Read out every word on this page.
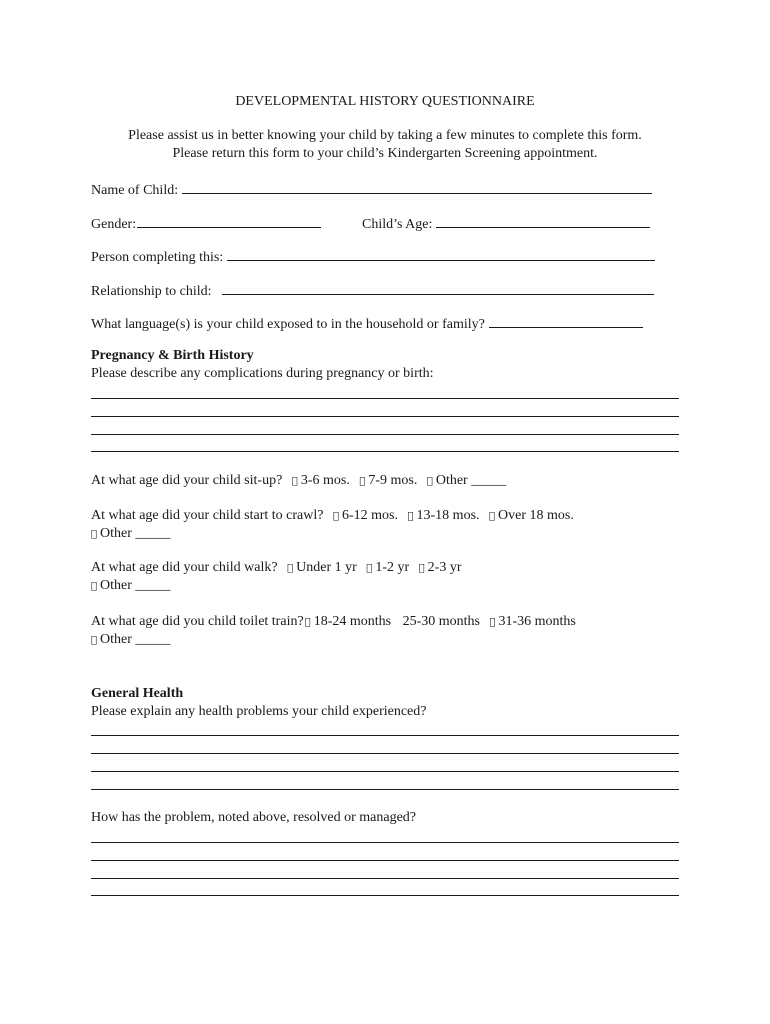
DEVELOPMENTAL HISTORY QUESTIONNAIRE
Please assist us in better knowing your child by taking a few minutes to complete this form.
Please return this form to your child’s Kindergarten Screening appointment.
Name of Child:
Gender:	Child’s Age:
Person completing this:
Relationship to child:
What language(s) is your child exposed to in the household or family?
Pregnancy & Birth History
Please describe any complications during pregnancy or birth:
At what age did your child sit-up? 3-6 mos. 7-9 mos. Other _____
At what age did your child start to crawl? 6-12 mos. 13-18 mos. Over 18 mos.
Other _____
At what age did your child walk? Under 1 yr 1-2 yr 2-3 yr
Other _____
At what age did you child toilet train? 18-24 months 25-30 months 31-36 months
Other _____
General Health
Please explain any health problems your child experienced?
How has the problem, noted above, resolved or managed?
